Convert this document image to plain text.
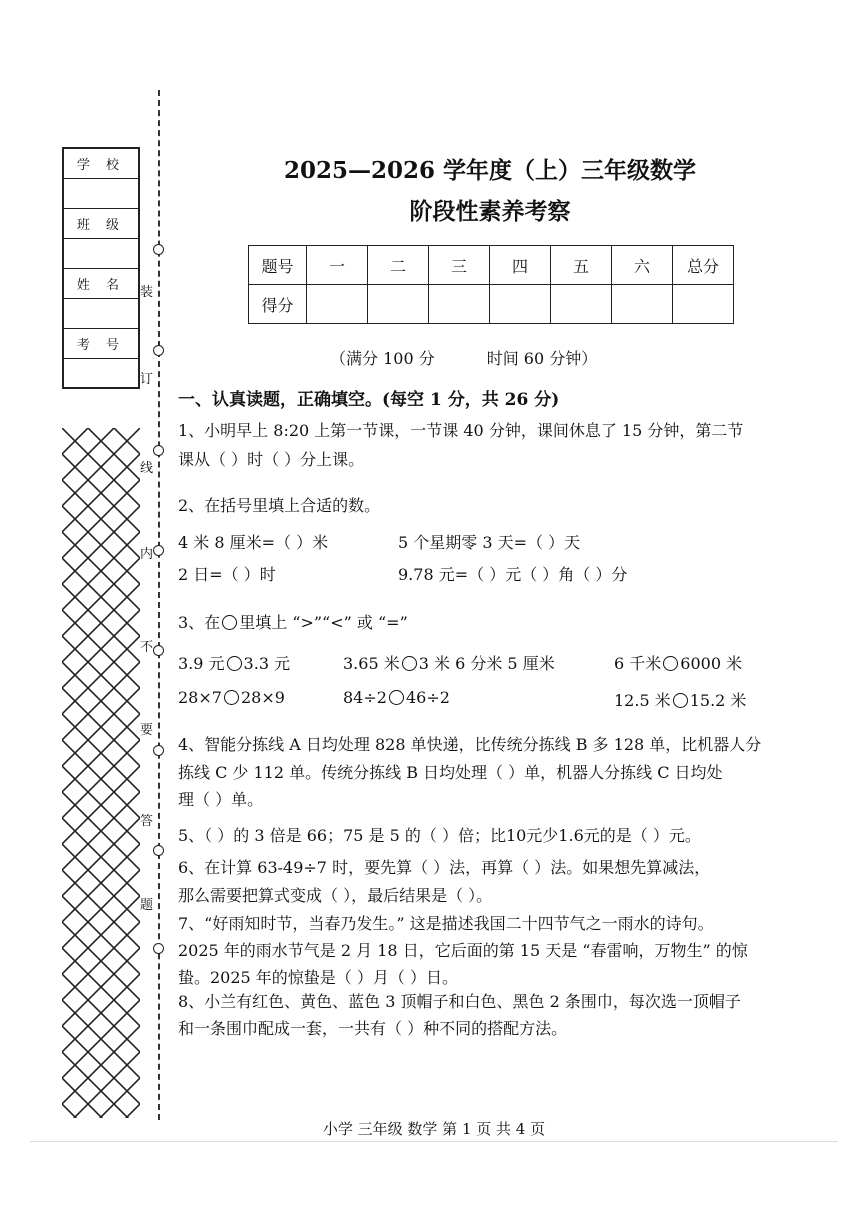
学 校
班 级
姓 名
考 号
装
订
线
内
不
要
答
题
2025—2026 学年度（上）三年级数学
阶段性素养考察
题号	一	二	三	四	五	六	总分
得分							
（满分 100 分	时间 60 分钟）
一、认真读题，正确填空。(每空 1 分，共 26 分)
1、小明早上 8:20 上第一节课，一节课 40 分钟，课间休息了 15 分钟，第二节
课从（ ）时（ ）分上课。
2、在括号里填上合适的数。
4 米 8 厘米=（ ）米	5 个星期零 3 天=（ ）天
2 日=（ ）时	9.78 元=（ ）元（ ）角（ ）分
3、在 里填上 “>”“<” 或 “=”
3.9 元 3.3 元	3.65 米 3 米 6 分米 5 厘米	6 千米 6000 米
28×7 28×9	84÷2 46÷2	12.5 米 15.2 米
4、智能分拣线 A 日均处理 828 单快递，比传统分拣线 B 多 128 单，比机器人分
拣线 C 少 112 单。传统分拣线 B 日均处理（ ）单，机器人分拣线 C 日均处
理（ ）单。
5、（ ）的 3 倍是 66；75 是 5 的（ ）倍；比10元少1.6元的是（ ）元。
6、在计算 63-49÷7 时，要先算（ ）法，再算（ ）法。如果想先算减法，
那么需要把算式变成（ ），最后结果是（ ）。
7、“好雨知时节，当春乃发生。” 这是描述我国二十四节气之一雨水的诗句。
2025 年的雨水节气是 2 月 18 日，它后面的第 15 天是 “春雷响，万物生” 的惊
蛰。2025 年的惊蛰是（ ）月（ ）日。
8、小兰有红色、黄色、蓝色 3 顶帽子和白色、黑色 2 条围巾，每次选一顶帽子
和一条围巾配成一套，一共有（ ）种不同的搭配方法。
小学 三年级 数学 第 1 页 共 4 页
